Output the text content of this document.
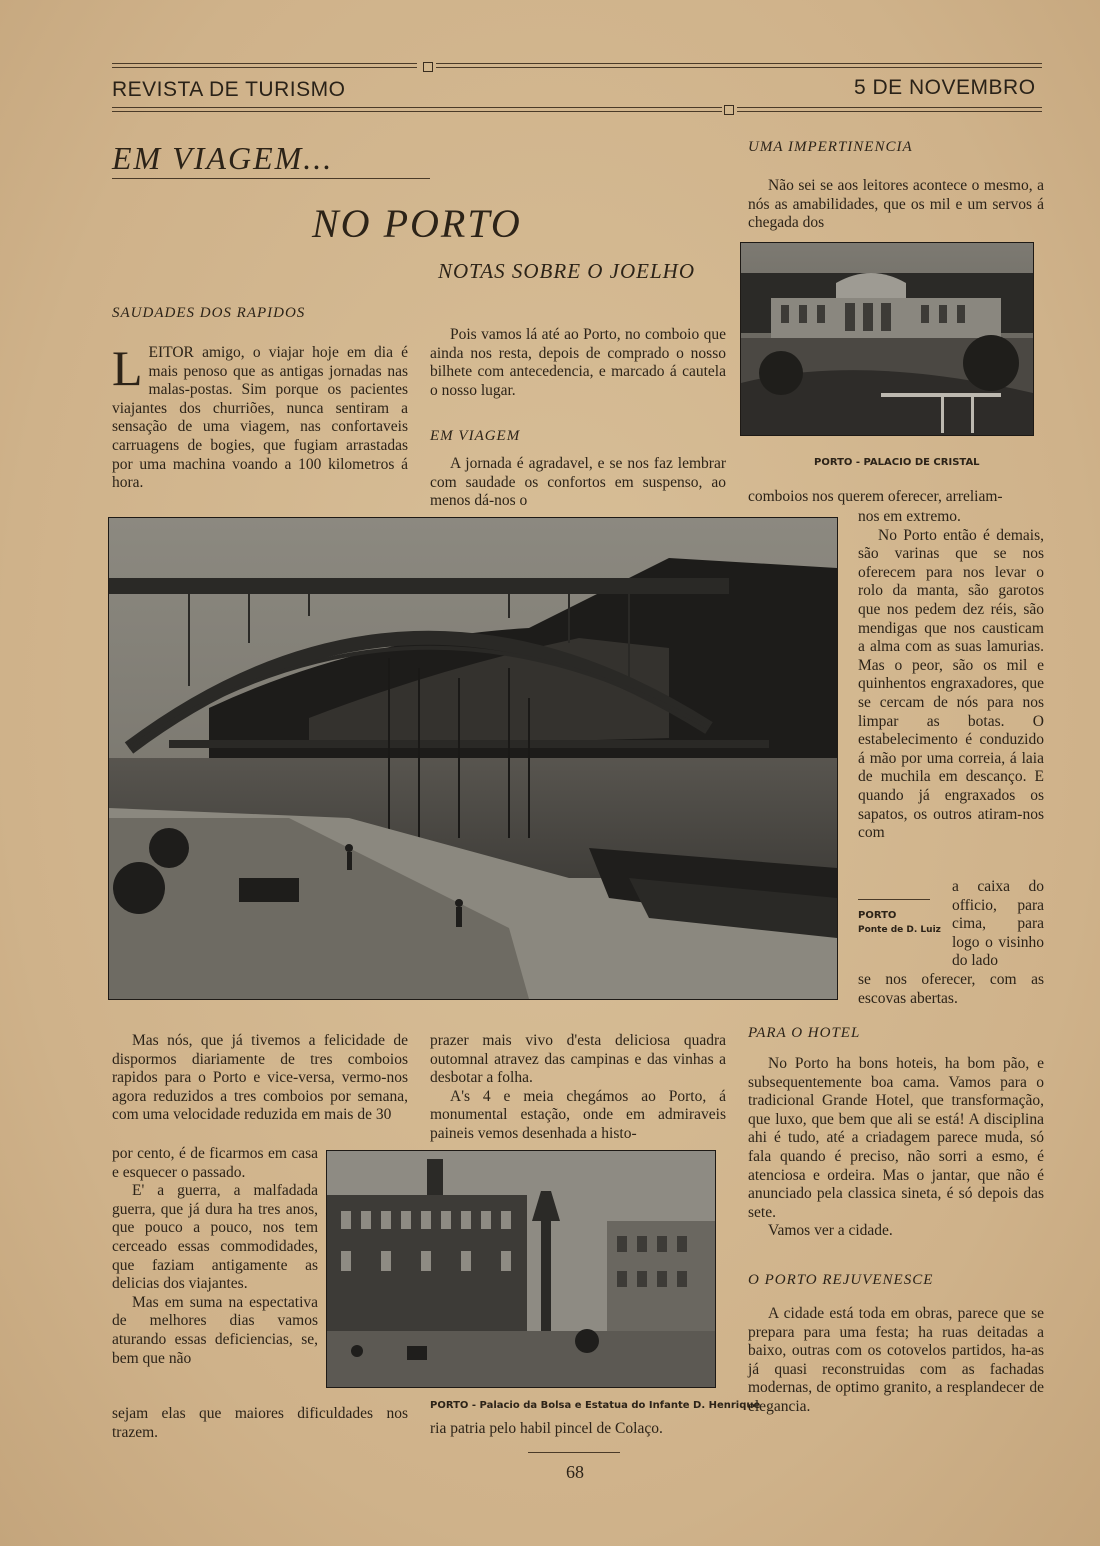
REVISTA DE TURISMO	5 DE NOVEMBRO
EM VIAGEM...
NO PORTO
NOTAS SOBRE O JOELHO
SAUDADES DOS RAPIDOS

LEITOR amigo, o viajar hoje em dia é mais penoso que as antigas jornadas nas malas-postas. Sim porque os pacientes viajantes dos churriões, nunca sentiram a sensação de uma viagem, nas confortaveis carruagens de bogies, que fugiam arrastadas por uma machina voando a 100 kilometros á hora.

Pois vamos lá até ao Porto, no comboio que ainda nos resta, depois de comprado o nosso bilhete com antecedencia, e marcado á cautela o nosso lugar.

EM VIAGEM

A jornada é agradavel, e se nos faz lembrar com saudade os confortos em suspenso, ao menos dá-nos o

UMA IMPERTINENCIA

Não sei se aos leitores acontece o mesmo, a nós as amabilidades, que os mil e um servos á chegada dos

PORTO - PALACIO DE CRISTAL

comboios nos querem oferecer, arreliam-

nos em extremo.

No Porto então é demais, são varinas que se nos oferecem para nos levar o rolo da manta, são garotos que nos pedem dez réis, são mendigas que nos causticam a alma com as suas lamurias. Mas o peor, são os mil e quinhentos engraxadores, que se cercam de nós para nos limpar as botas. O estabelecimento é conduzido á mão por uma correia, á laia de muchila em descanço. E quando já engraxados os sapatos, os outros atiram-nos com

PORTO
Ponte de D. Luiz

a caixa do officio, para cima, para logo o visinho do lado

se nos oferecer, com as escovas abertas.

Mas nós, que já tivemos a felicidade de dispormos diariamente de tres comboios rapidos para o Porto e vice-versa, vermo-nos agora reduzidos a tres comboios por semana, com uma velocidade reduzida em mais de 30

por cento, é de ficarmos em casa e esquecer o passado.

E' a guerra, a malfadada guerra, que já dura ha tres anos, que pouco a pouco, nos tem cerceado essas commodidades, que faziam antigamente as delicias dos viajantes.

Mas em suma na espectativa de melhores dias vamos aturando essas deficiencias, se, bem que não

sejam elas que maiores dificuldades nos trazem.

prazer mais vivo d'esta deliciosa quadra outomnal atravez das campinas e das vinhas a desbotar a folha.

A's 4 e meia chegámos ao Porto, á monumental estação, onde em admiraveis paineis vemos desenhada a histo-

PORTO - Palacio da Bolsa e Estatua do Infante D. Henrique

ria patria pelo habil pincel de Colaço.

PARA O HOTEL

No Porto ha bons hoteis, ha bom pão, e subsequentemente boa cama. Vamos para o tradicional Grande Hotel, que transformação, que luxo, que bem que ali se está! A disciplina ahi é tudo, até a criadagem parece muda, só fala quando é preciso, não sorri a esmo, é atenciosa e ordeira. Mas o jantar, que não é anunciado pela classica sineta, é só depois das sete.

Vamos ver a cidade.

O PORTO REJUVENESCE

A cidade está toda em obras, parece que se prepara para uma festa; ha ruas deitadas a baixo, outras com os cotovelos partidos, ha-as já quasi reconstruidas com as fachadas modernas, de optimo granito, a resplandecer de elegancia.

68
